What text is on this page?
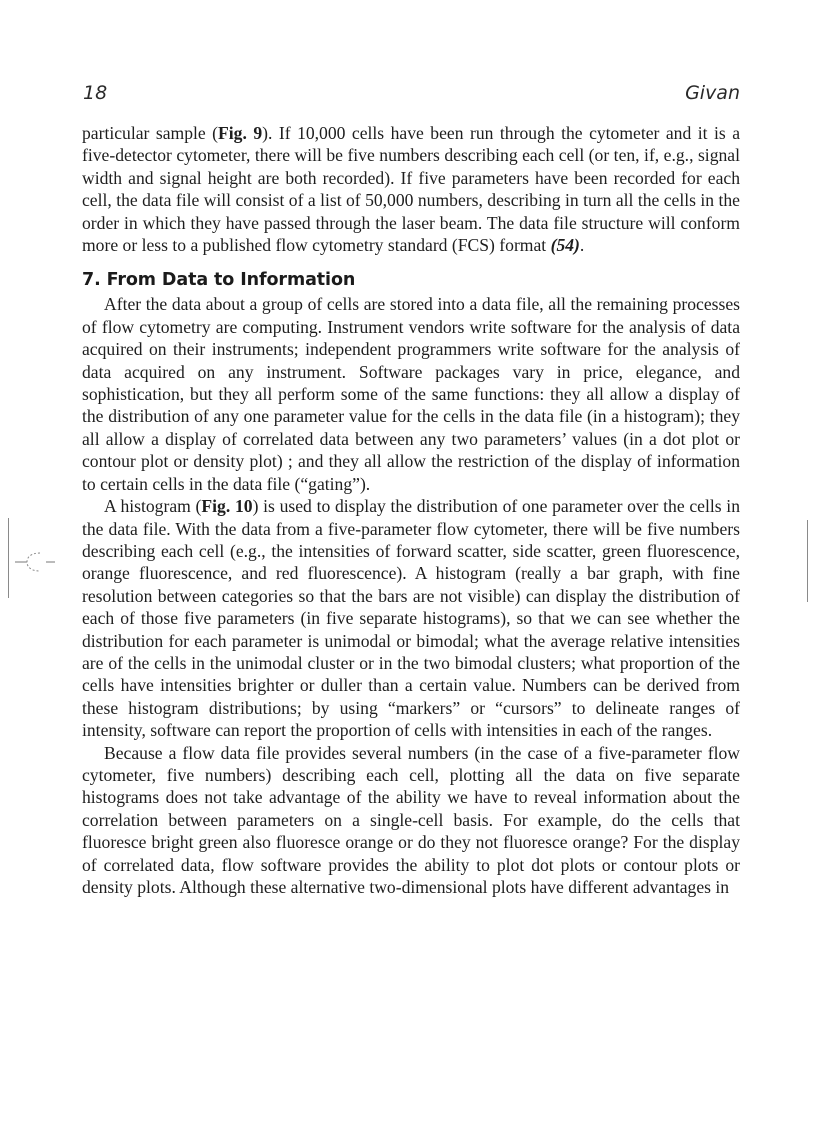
18	Givan

particular sample (Fig. 9). If 10,000 cells have been run through the cytometer and it is a five-detector cytometer, there will be five numbers describing each cell (or ten, if, e.g., signal width and signal height are both recorded). If five parameters have been recorded for each cell, the data file will consist of a list of 50,000 numbers, describing in turn all the cells in the order in which they have passed through the laser beam. The data file structure will conform more or less to a published flow cytometry standard (FCS) format (54).

7. From Data to Information

After the data about a group of cells are stored into a data file, all the remaining processes of flow cytometry are computing. Instrument vendors write software for the analysis of data acquired on their instruments; independent programmers write software for the analysis of data acquired on any instrument. Software packages vary in price, elegance, and sophistication, but they all perform some of the same functions: they all allow a display of the distribution of any one parameter value for the cells in the data file (in a histogram); they all allow a display of correlated data between any two parameters’ values (in a dot plot or contour plot or density plot) ; and they all allow the restriction of the display of information to certain cells in the data file (“gating”).

A histogram (Fig. 10) is used to display the distribution of one parameter over the cells in the data file. With the data from a five-parameter flow cytometer, there will be five numbers describing each cell (e.g., the intensities of forward scatter, side scatter, green fluorescence, orange fluorescence, and red fluorescence). A histogram (really a bar graph, with fine resolution between categories so that the bars are not visible) can display the distribution of each of those five parameters (in five separate histograms), so that we can see whether the distribution for each parameter is unimodal or bimodal; what the average relative intensities are of the cells in the unimodal cluster or in the two bimodal clusters; what proportion of the cells have intensities brighter or duller than a certain value. Numbers can be derived from these histogram distributions; by using “markers” or “cursors” to delineate ranges of intensity, software can report the proportion of cells with intensities in each of the ranges.

Because a flow data file provides several numbers (in the case of a five-parameter flow cytometer, five numbers) describing each cell, plotting all the data on five separate histograms does not take advantage of the ability we have to reveal information about the correlation between parameters on a single-cell basis. For example, do the cells that fluoresce bright green also fluoresce orange or do they not fluoresce orange? For the display of correlated data, flow software provides the ability to plot dot plots or contour plots or density plots. Although these alternative two-dimensional plots have different advantages in
